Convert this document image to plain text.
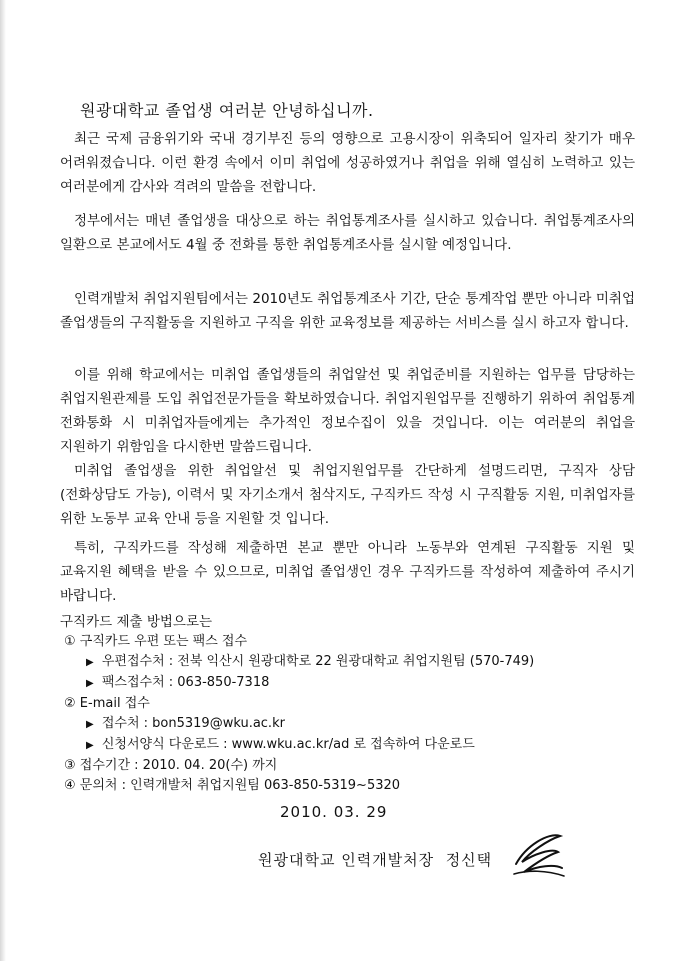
원광대학교 졸업생 여러분 안녕하십니까.

최근 국제 금융위기와 국내 경기부진 등의 영향으로 고용시장이 위축되어 일자리 찾기가 매우 어려워졌습니다. 이런 환경 속에서 이미 취업에 성공하였거나 취업을 위해 열심히 노력하고 있는 여러분에게 감사와 격려의 말씀을 전합니다.

정부에서는 매년 졸업생을 대상으로 하는 취업통계조사를 실시하고 있습니다. 취업통계조사의 일환으로 본교에서도 4월 중 전화를 통한 취업통계조사를 실시할 예정입니다.

인력개발처 취업지원팀에서는 2010년도 취업통계조사 기간, 단순 통계작업 뿐만 아니라 미취업 졸업생들의 구직활동을 지원하고 구직을 위한 교육정보를 제공하는 서비스를 실시 하고자 합니다.

이를 위해 학교에서는 미취업 졸업생들의 취업알선 및 취업준비를 지원하는 업무를 담당하는 취업지원관제를 도입 취업전문가들을 확보하였습니다. 취업지원업무를 진행하기 위하여 취업통계 전화통화 시 미취업자들에게는 추가적인 정보수집이 있을 것입니다. 이는 여러분의 취업을 지원하기 위함임을 다시한번 말씀드립니다.

미취업 졸업생을 위한 취업알선 및 취업지원업무를 간단하게 설명드리면, 구직자 상담(전화상담도 가능), 이력서 및 자기소개서 첨삭지도, 구직카드 작성 시 구직활동 지원, 미취업자를 위한 노동부 교육 안내 등을 지원할 것 입니다.

특히, 구직카드를 작성해 제출하면 본교 뿐만 아니라 노동부와 연계된 구직활동 지원 및 교육지원 혜택을 받을 수 있으므로, 미취업 졸업생인 경우 구직카드를 작성하여 제출하여 주시기 바랍니다.

구직카드 제출 방법으로는
① 구직카드 우편 또는 팩스 접수
▶ 우편접수처 : 전북 익산시 원광대학로 22 원광대학교 취업지원팀 (570-749)
▶ 팩스접수처 : 063-850-7318
② E-mail 접수
▶ 접수처 : bon5319@wku.ac.kr
▶ 신청서양식 다운로드 : www.wku.ac.kr/ad 로 접속하여 다운로드
③ 접수기간 : 2010. 04. 20(수) 까지
④ 문의처 : 인력개발처 취업지원팀 063-850-5319~5320
2010. 03. 29
원광대학교 인력개발처장  정신택
